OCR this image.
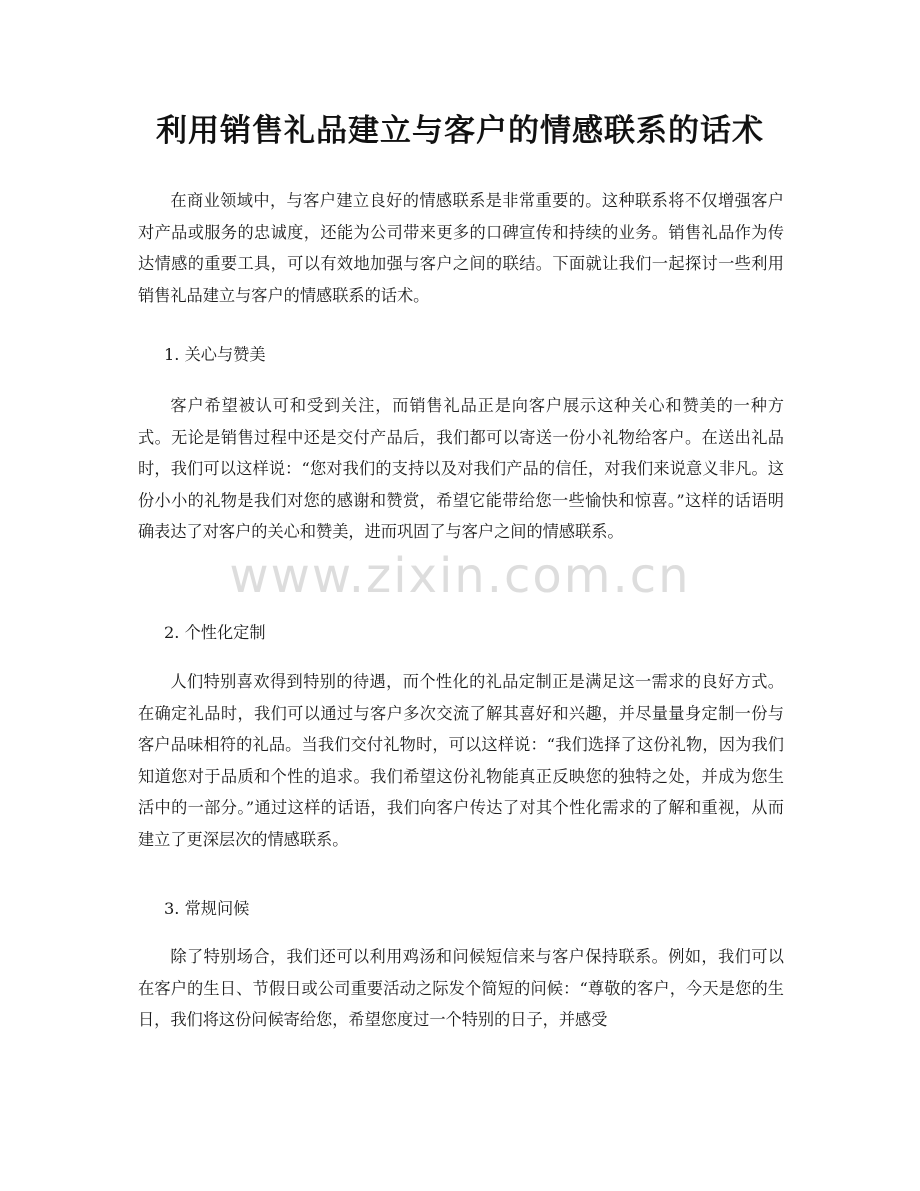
利用销售礼品建立与客户的情感联系的话术

在商业领域中，与客户建立良好的情感联系是非常重要的。这种联系将不仅增强客户对产品或服务的忠诚度，还能为公司带来更多的口碑宣传和持续的业务。销售礼品作为传达情感的重要工具，可以有效地加强与客户之间的联结。下面就让我们一起探讨一些利用销售礼品建立与客户的情感联系的话术。

1. 关心与赞美

客户希望被认可和受到关注，而销售礼品正是向客户展示这种关心和赞美的一种方式。无论是销售过程中还是交付产品后，我们都可以寄送一份小礼物给客户。在送出礼品时，我们可以这样说：“您对我们的支持以及对我们产品的信任，对我们来说意义非凡。这份小小的礼物是我们对您的感谢和赞赏，希望它能带给您一些愉快和惊喜。”这样的话语明确表达了对客户的关心和赞美，进而巩固了与客户之间的情感联系。

2. 个性化定制

人们特别喜欢得到特别的待遇，而个性化的礼品定制正是满足这一需求的良好方式。在确定礼品时，我们可以通过与客户多次交流了解其喜好和兴趣，并尽量量身定制一份与客户品味相符的礼品。当我们交付礼物时，可以这样说：“我们选择了这份礼物，因为我们知道您对于品质和个性的追求。我们希望这份礼物能真正反映您的独特之处，并成为您生活中的一部分。”通过这样的话语，我们向客户传达了对其个性化需求的了解和重视，从而建立了更深层次的情感联系。

3. 常规问候

除了特别场合，我们还可以利用鸡汤和问候短信来与客户保持联系。例如，我们可以在客户的生日、节假日或公司重要活动之际发个简短的问候：“尊敬的客户，今天是您的生日，我们将这份问候寄给您，希望您度过一个特别的日子，并感受

www.zixin.com.cn
